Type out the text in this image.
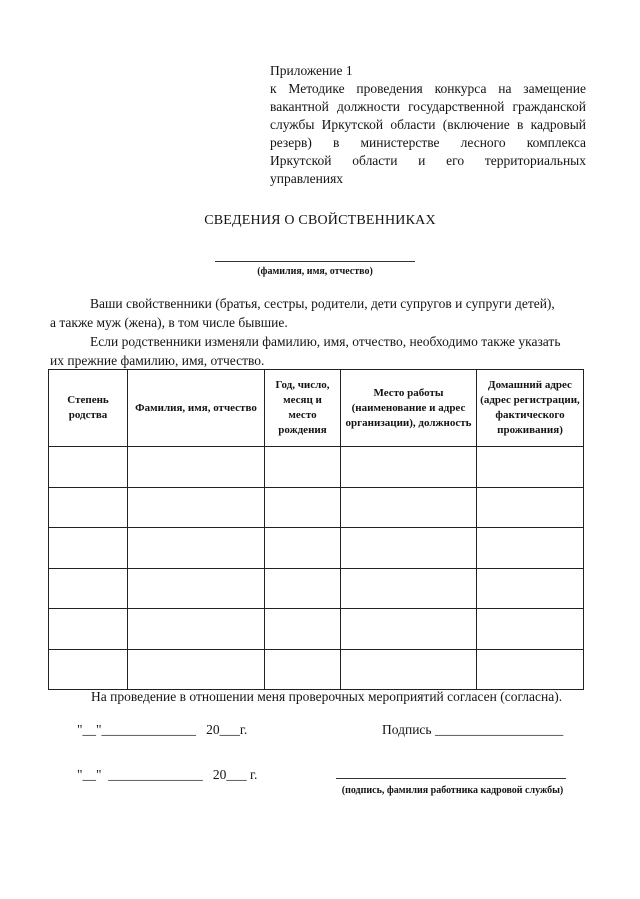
Приложение 1
к Методике проведения конкурса на замещение
вакантной должности государственной гражданской
службы Иркутской области (включение в кадровый
резерв) в министерстве лесного комплекса
Иркутской области и его территориальных
управлениях
СВЕДЕНИЯ О СВОЙСТВЕННИКАХ
(фамилия, имя, отчество)
Ваши свойственники (братья, сестры, родители, дети супругов и супруги детей),
а также муж (жена), в том числе бывшие.
Если родственники изменяли фамилию, имя, отчество, необходимо также указать
их прежние фамилию, имя, отчество.
Степень родства	Фамилия, имя, отчество	Год, число, месяц и место рождения	Место работы (наименование и адрес организации), должность	Домашний адрес (адрес регистрации, фактического проживания)

На проведение в отношении меня проверочных мероприятий согласен (согласна).
"__"______________   20___г.	Подпись ___________________
"__"  ______________   20___ г.
(подпись, фамилия работника кадровой службы)
